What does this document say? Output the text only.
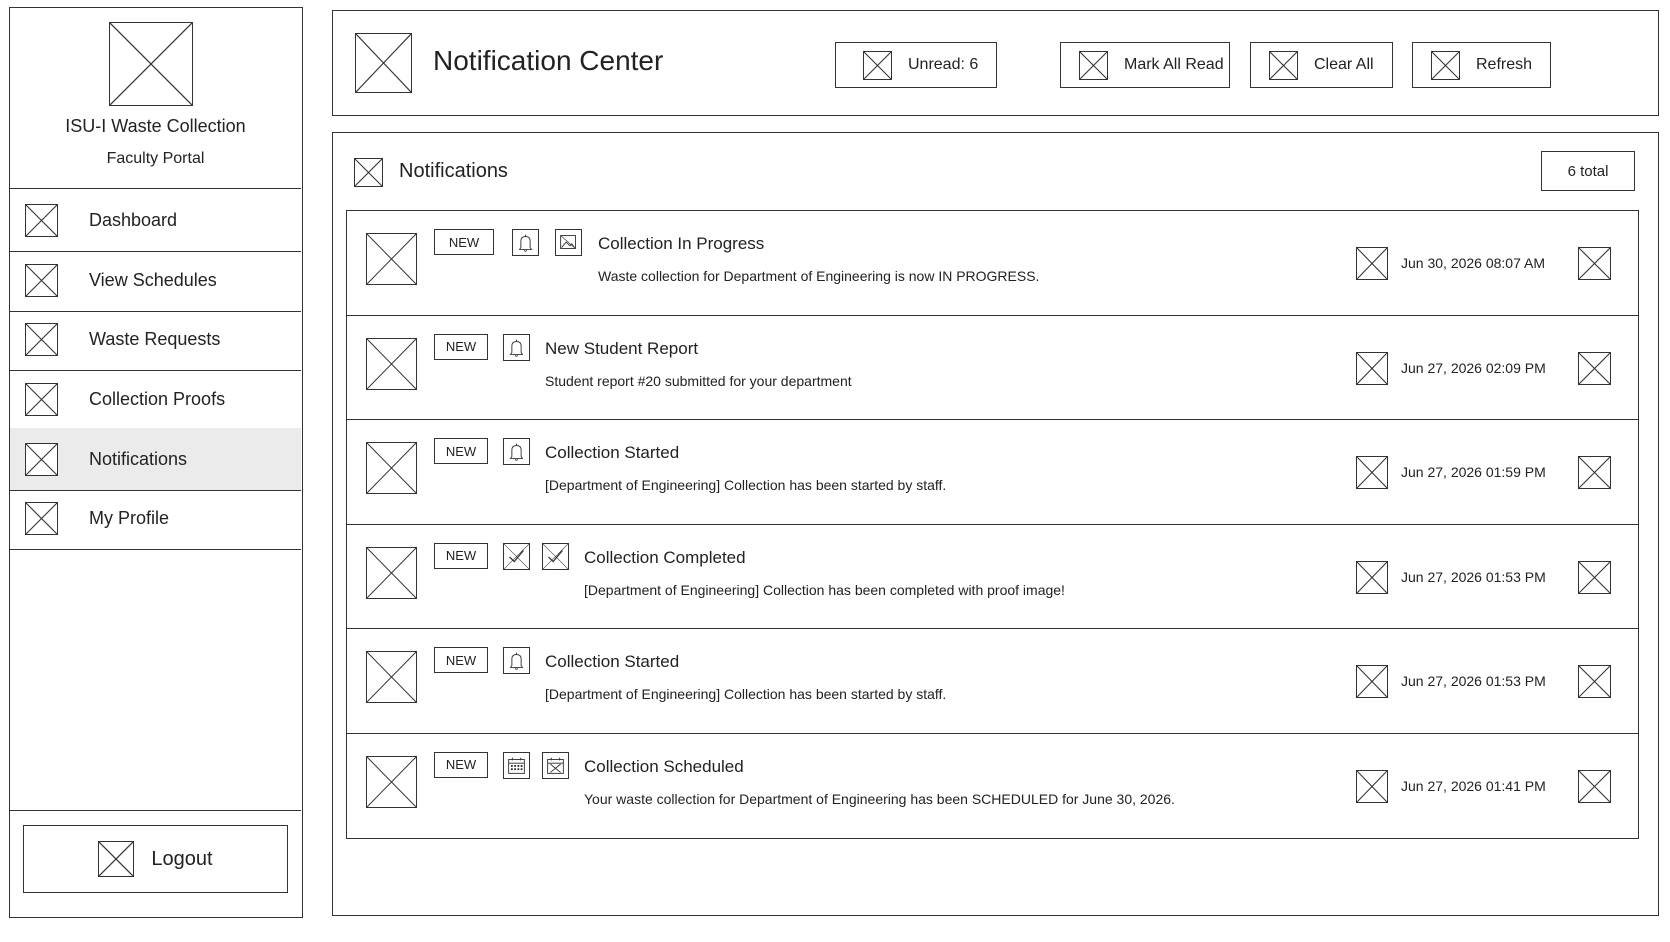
ISU-I Waste Collection
Faculty Portal
Dashboard
View Schedules
Waste Requests
Collection Proofs
Notifications
My Profile
Logout
Notification Center	Unread: 6	Mark All Read	Clear All	Refresh
Notifications	6 total
NEW	Collection In Progress
Waste collection for Department of Engineering is now IN PROGRESS.
Jun 30, 2026 08:07 AM
NEW	New Student Report
Student report #20 submitted for your department
Jun 27, 2026 02:09 PM
NEW	Collection Started
[Department of Engineering] Collection has been started by staff.
Jun 27, 2026 01:59 PM
NEW	Collection Completed
[Department of Engineering] Collection has been completed with proof image!
Jun 27, 2026 01:53 PM
NEW	Collection Started
[Department of Engineering] Collection has been started by staff.
Jun 27, 2026 01:53 PM
NEW	Collection Scheduled
Your waste collection for Department of Engineering has been SCHEDULED for June 30, 2026.
Jun 27, 2026 01:41 PM
